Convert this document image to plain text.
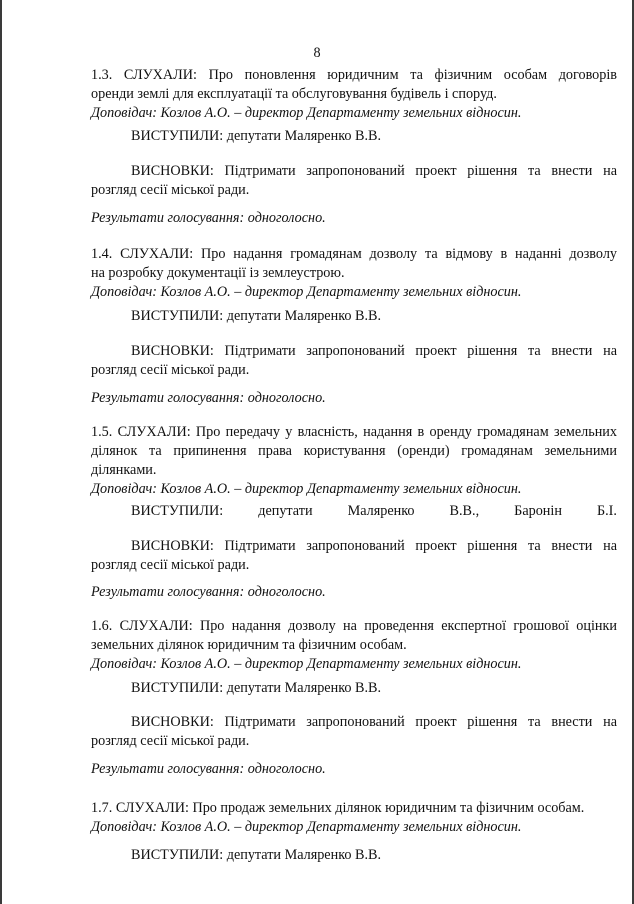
8
1.3. СЛУХАЛИ: Про поновлення юридичним та фізичним особам договорів
оренди землі для експлуатації та обслуговування будівель і споруд.
Доповідач: Козлов А.О. – директор Департаменту земельних відносин.
ВИСТУПИЛИ: депутати Маляренко В.В.
ВИСНОВКИ: Підтримати запропонований проект рішення та внести на
розгляд сесії міської ради.
Результати голосування: одноголосно.
1.4. СЛУХАЛИ: Про надання громадянам дозволу та відмову в наданні дозволу
на розробку документації із землеустрою.
Доповідач: Козлов А.О. – директор Департаменту земельних відносин.
ВИСТУПИЛИ: депутати Маляренко В.В.
ВИСНОВКИ: Підтримати запропонований проект рішення та внести на
розгляд сесії міської ради.
Результати голосування: одноголосно.
1.5. СЛУХАЛИ: Про передачу у власність, надання в оренду громадянам земельних
ділянок та припинення права користування (оренди) громадянам земельними
ділянками.
Доповідач: Козлов А.О. – директор Департаменту земельних відносин.
ВИСТУПИЛИ: депутати Маляренко В.В., Баронін Б.І.
ВИСНОВКИ: Підтримати запропонований проект рішення та внести на
розгляд сесії міської ради.
Результати голосування: одноголосно.
1.6. СЛУХАЛИ: Про надання дозволу на проведення експертної грошової оцінки
земельних ділянок юридичним та фізичним особам.
Доповідач: Козлов А.О. – директор Департаменту земельних відносин.
ВИСТУПИЛИ: депутати Маляренко В.В.
ВИСНОВКИ: Підтримати запропонований проект рішення та внести на
розгляд сесії міської ради.
Результати голосування: одноголосно.
1.7. СЛУХАЛИ: Про продаж земельних ділянок юридичним та фізичним особам.
Доповідач: Козлов А.О. – директор Департаменту земельних відносин.
ВИСТУПИЛИ: депутати Маляренко В.В.
